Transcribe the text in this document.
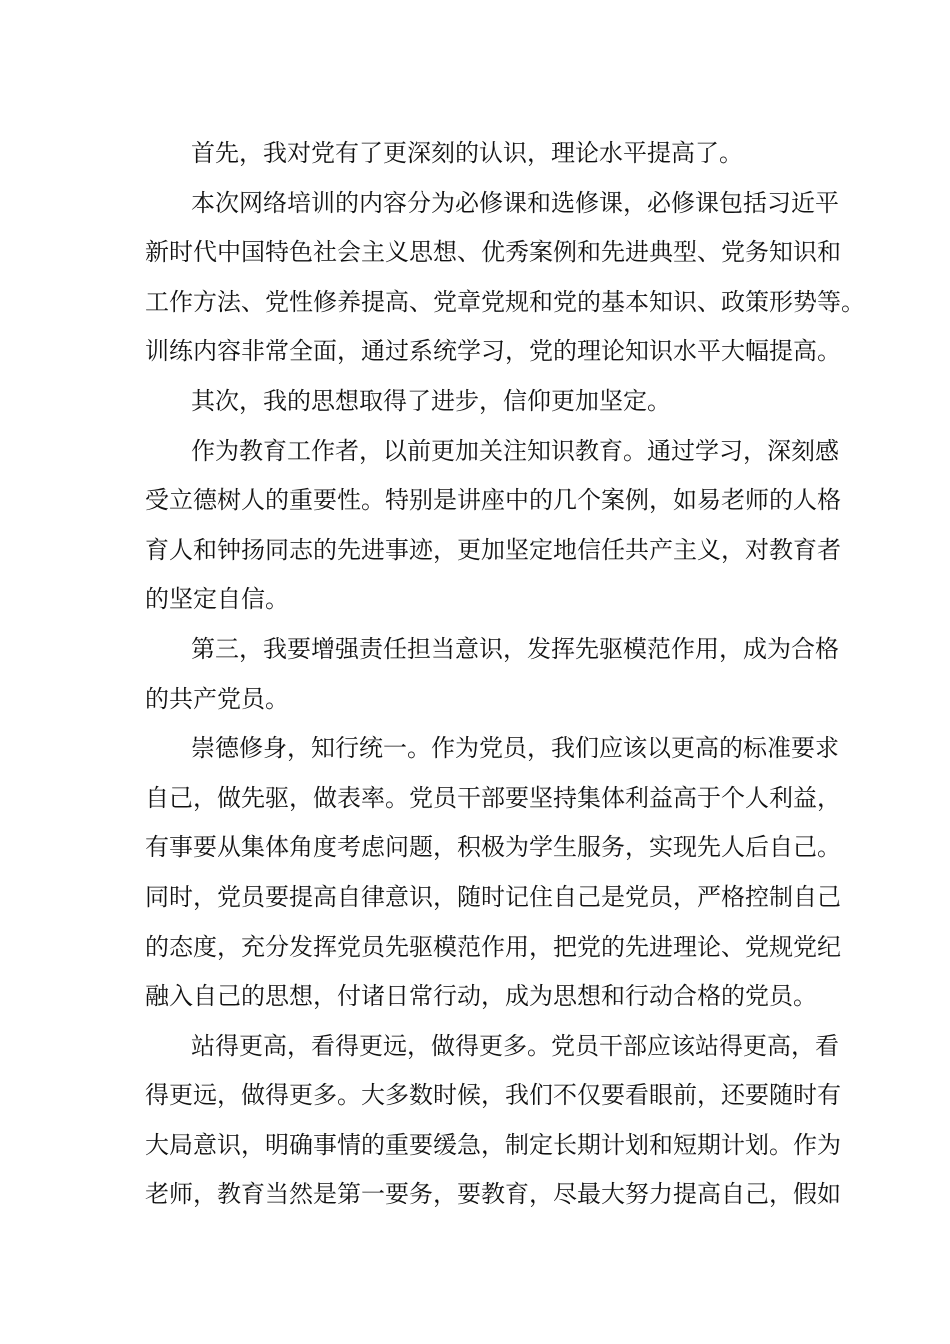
首先，我对党有了更深刻的认识，理论水平提高了。
本次网络培训的内容分为必修课和选修课，必修课包括习近平
新时代中国特色社会主义思想、优秀案例和先进典型、党务知识和
工作方法、党性修养提高、党章党规和党的基本知识、政策形势等。
训练内容非常全面，通过系统学习，党的理论知识水平大幅提高。
其次，我的思想取得了进步，信仰更加坚定。
作为教育工作者，以前更加关注知识教育。通过学习，深刻感
受立德树人的重要性。特别是讲座中的几个案例，如易老师的人格
育人和钟扬同志的先进事迹，更加坚定地信任共产主义，对教育者
的坚定自信。
第三，我要增强责任担当意识，发挥先驱模范作用，成为合格
的共产党员。
崇德修身，知行统一。作为党员，我们应该以更高的标准要求
自己，做先驱，做表率。党员干部要坚持集体利益高于个人利益，
有事要从集体角度考虑问题，积极为学生服务，实现先人后自己。
同时，党员要提高自律意识，随时记住自己是党员，严格控制自己
的态度，充分发挥党员先驱模范作用，把党的先进理论、党规党纪
融入自己的思想，付诸日常行动，成为思想和行动合格的党员。
站得更高，看得更远，做得更多。党员干部应该站得更高，看
得更远，做得更多。大多数时候，我们不仅要看眼前，还要随时有
大局意识，明确事情的重要缓急，制定长期计划和短期计划。作为
老师，教育当然是第一要务，要教育，尽最大努力提高自己，假如
